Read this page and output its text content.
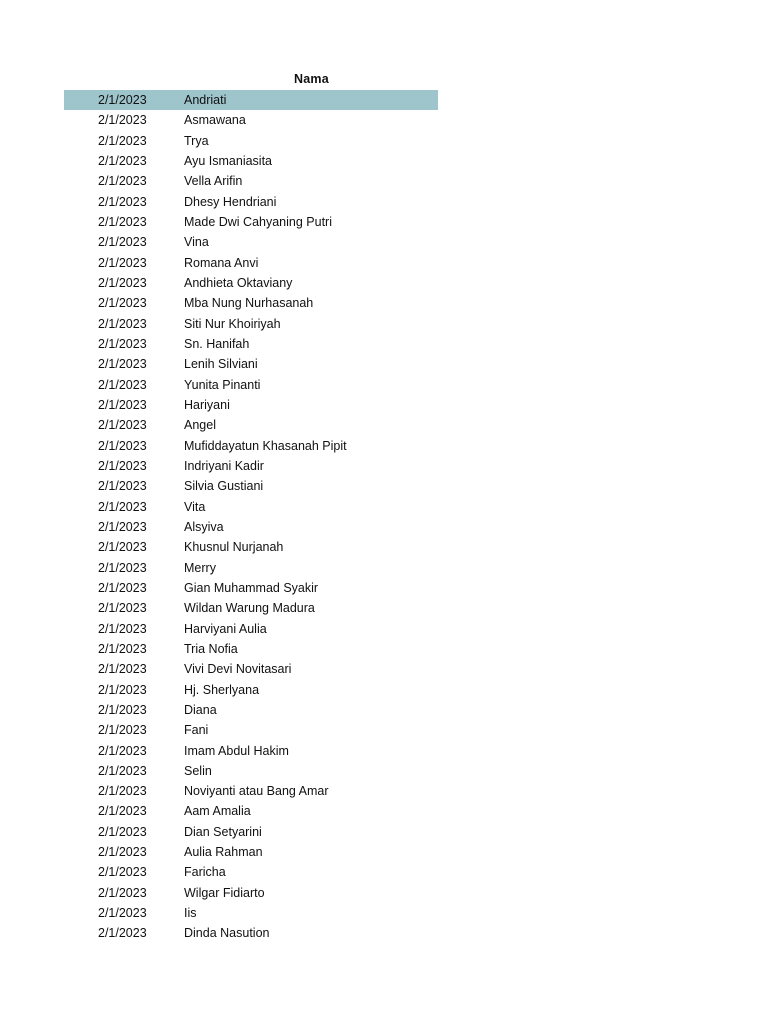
Nama
2/1/2023	Andriati
2/1/2023	Asmawana
2/1/2023	Trya
2/1/2023	Ayu Ismaniasita
2/1/2023	Vella Arifin
2/1/2023	Dhesy Hendriani
2/1/2023	Made Dwi Cahyaning Putri
2/1/2023	Vina
2/1/2023	Romana Anvi
2/1/2023	Andhieta Oktaviany
2/1/2023	Mba Nung Nurhasanah
2/1/2023	Siti Nur Khoiriyah
2/1/2023	Sn. Hanifah
2/1/2023	Lenih Silviani
2/1/2023	Yunita Pinanti
2/1/2023	Hariyani
2/1/2023	Angel
2/1/2023	Mufiddayatun Khasanah Pipit
2/1/2023	Indriyani Kadir
2/1/2023	Silvia Gustiani
2/1/2023	Vita
2/1/2023	Alsyiva
2/1/2023	Khusnul Nurjanah
2/1/2023	Merry
2/1/2023	Gian Muhammad Syakir
2/1/2023	Wildan Warung Madura
2/1/2023	Harviyani Aulia
2/1/2023	Tria Nofia
2/1/2023	Vivi Devi Novitasari
2/1/2023	Hj. Sherlyana
2/1/2023	Diana
2/1/2023	Fani
2/1/2023	Imam Abdul Hakim
2/1/2023	Selin
2/1/2023	Noviyanti atau Bang Amar
2/1/2023	Aam Amalia
2/1/2023	Dian Setyarini
2/1/2023	Aulia Rahman
2/1/2023	Faricha
2/1/2023	Wilgar Fidiarto
2/1/2023	Iis
2/1/2023	Dinda Nasution
